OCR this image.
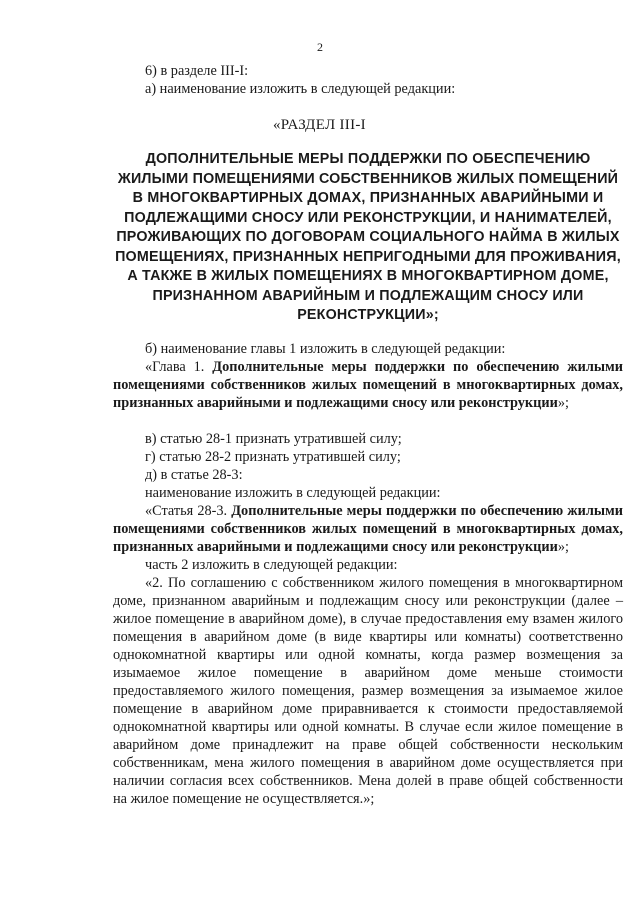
2

6) в разделе III-I:

а) наименование изложить в следующей редакции:

«РАЗДЕЛ III-I

ДОПОЛНИТЕЛЬНЫЕ МЕРЫ ПОДДЕРЖКИ ПО ОБЕСПЕЧЕНИЮ ЖИЛЫМИ ПОМЕЩЕНИЯМИ СОБСТВЕННИКОВ ЖИЛЫХ ПОМЕЩЕНИЙ В МНОГОКВАРТИРНЫХ ДОМАХ, ПРИЗНАННЫХ АВАРИЙНЫМИ И ПОДЛЕЖАЩИМИ СНОСУ ИЛИ РЕКОНСТРУКЦИИ, И НАНИМАТЕЛЕЙ, ПРОЖИВАЮЩИХ ПО ДОГОВОРАМ СОЦИАЛЬНОГО НАЙМА В ЖИЛЫХ ПОМЕЩЕНИЯХ, ПРИЗНАННЫХ НЕПРИГОДНЫМИ ДЛЯ ПРОЖИВАНИЯ, А ТАКЖЕ В ЖИЛЫХ ПОМЕЩЕНИЯХ В МНОГОКВАРТИРНОМ ДОМЕ, ПРИЗНАННОМ АВАРИЙНЫМ И ПОДЛЕЖАЩИМ СНОСУ ИЛИ РЕКОНСТРУКЦИИ»;

б) наименование главы 1 изложить в следующей редакции:

«Глава 1. Дополнительные меры поддержки по обеспечению жилыми помещениями собственников жилых помещений в многоквартирных домах, признанных аварийными и подлежащими сносу или реконструкции»;

в) статью 28-1 признать утратившей силу;

г) статью 28-2 признать утратившей силу;

д) в статье 28-3:

наименование изложить в следующей редакции:

«Статья 28-3. Дополнительные меры поддержки по обеспечению жилыми помещениями собственников жилых помещений в многоквартирных домах, признанных аварийными и подлежащими сносу или реконструкции»;

часть 2 изложить в следующей редакции:

«2. По соглашению с собственником жилого помещения в многоквартирном доме, признанном аварийным и подлежащим сносу или реконструкции (далее – жилое помещение в аварийном доме), в случае предоставления ему взамен жилого помещения в аварийном доме (в виде квартиры или комнаты) соответственно однокомнатной квартиры или одной комнаты, когда размер возмещения за изымаемое жилое помещение в аварийном доме меньше стоимости предоставляемого жилого помещения, размер возмещения за изымаемое жилое помещение в аварийном доме приравнивается к стоимости предоставляемой однокомнатной квартиры или одной комнаты. В случае если жилое помещение в аварийном доме принадлежит на праве общей собственности нескольким собственникам, мена жилого помещения в аварийном доме осуществляется при наличии согласия всех собственников. Мена долей в праве общей собственности на жилое помещение не осуществляется.»;
